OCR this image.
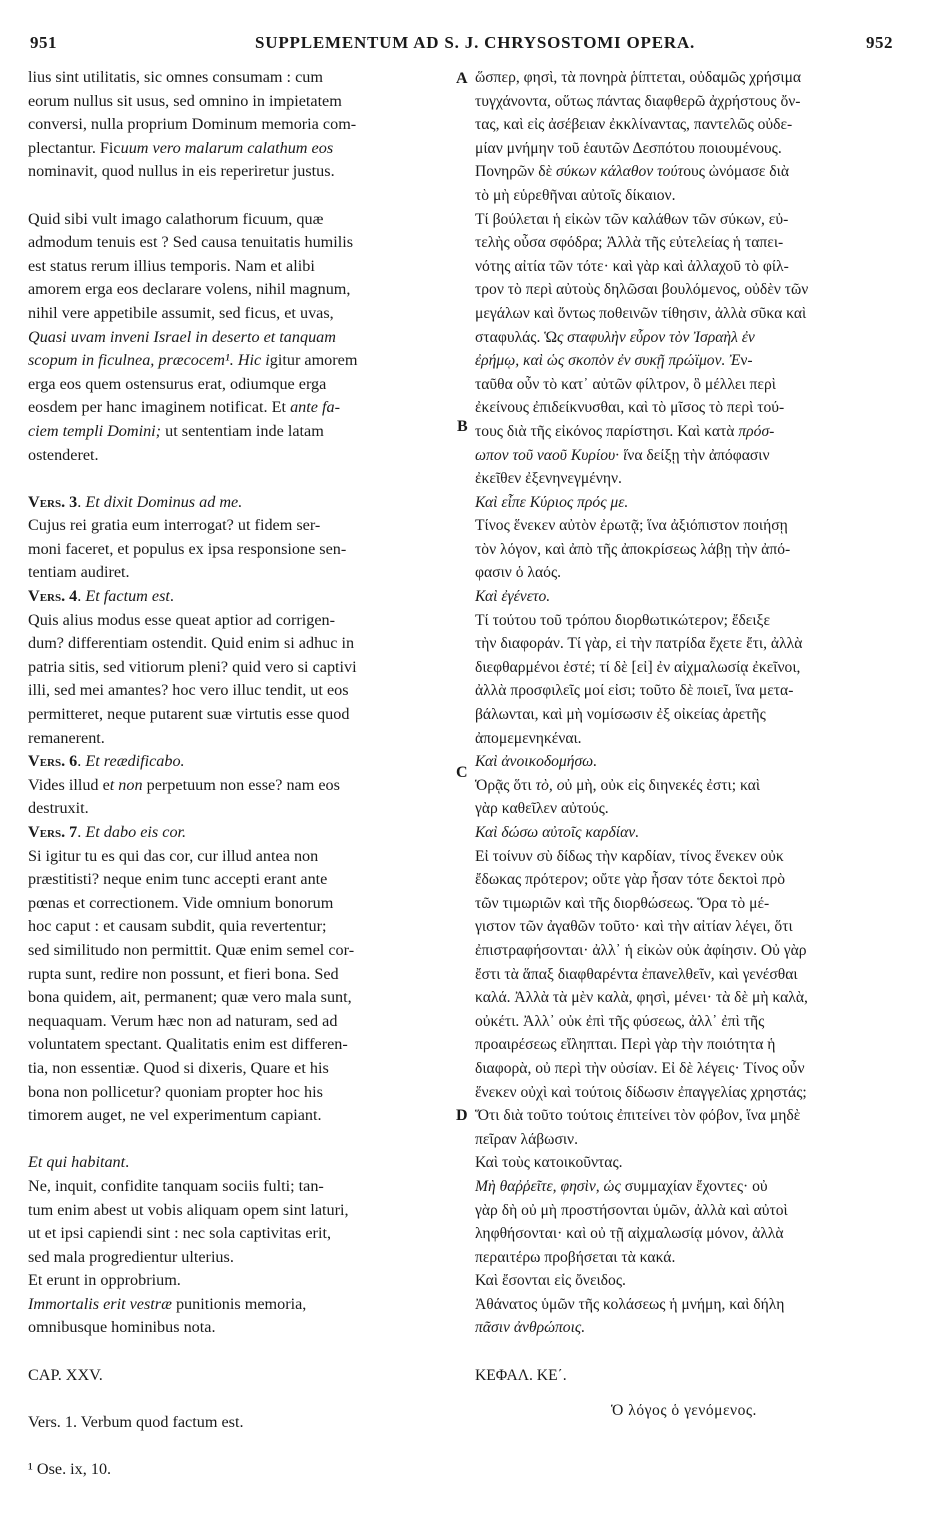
951	SUPPLEMENTUM AD S. J. CHRYSOSTOMI OPERA.	952
lius sint utilitatis, sic omnes consumam : cum
eorum nullus sit usus, sed omnino in impietatem
conversi, nulla proprium Dominum memoria com-
plectantur. Ficuum vero malarum calathum eos
nominavit, quod nullus in eis reperiretur justus.
Quid sibi vult imago calathorum ficuum, quæ
admodum tenuis est ? Sed causa tenuitatis humilis
est status rerum illius temporis. Nam et alibi
amorem erga eos declarare volens, nihil magnum,
nihil vere appetibile assumit, sed ficus, et uvas,
Quasi uvam inveni Israel in deserto et tanquam
scopum in ficulnea, præcocem¹. Hic igitur amorem
erga eos quem ostensurus erat, odiumque erga
eosdem per hanc imaginem notificat. Et ante fa-
ciem templi Domini; ut sententiam inde latam
ostenderet.
Vers. 3. Et dixit Dominus ad me.
Cujus rei gratia eum interrogat? ut fidem ser-
moni faceret, et populus ex ipsa responsione sen-
tentiam audiret.
Vers. 4. Et factum est.
Quis alius modus esse queat aptior ad corrigen-
dum? differentiam ostendit. Quid enim si adhuc in
patria sitis, sed vitiorum pleni? quid vero si captivi
illi, sed mei amantes? hoc vero illuc tendit, ut eos
permitteret, neque putarent suæ virtutis esse quod
remanerent.
Vers. 6. Et reædificabo.
Vides illud et non perpetuum non esse? nam eos
destruxit.
Vers. 7. Et dabo eis cor.
Si igitur tu es qui das cor, cur illud antea non
præstitisti? neque enim tunc accepti erant ante
pœnas et correctionem. Vide omnium bonorum
hoc caput : et causam subdit, quia revertentur;
sed similitudo non permittit. Quæ enim semel cor-
rupta sunt, redire non possunt, et fieri bona. Sed
bona quidem, ait, permanent; quæ vero mala sunt,
nequaquam. Verum hæc non ad naturam, sed ad
voluntatem spectant. Qualitatis enim est differen-
tia, non essentiæ. Quod si dixeris, Quare et his
bona non pollicetur? quoniam propter hoc his
timorem auget, ne vel experimentum capiant.
Et qui habitant.
Ne, inquit, confidite tanquam sociis fulti; tan-
tum enim abest ut vobis aliquam opem sint laturi,
ut et ipsi capiendi sint : nec sola captivitas erit,
sed mala progredientur ulterius.
Et erunt in opprobrium.
Immortalis erit vestræ punitionis memoria,
omnibusque hominibus nota.
CAP. XXV.
Vers. 1. Verbum quod factum est.
¹ Ose. ix, 10.
ὥσπερ, φησὶ, τὰ πονηρὰ ῥίπτεται, οὐδαμῶς χρήσιμα
τυγχάνοντα, οὕτως πάντας διαφθερῶ ἀχρήστους ὄν-
τας, καὶ εἰς ἀσέβειαν ἐκκλίναντας, παντελῶς οὐδε-
μίαν μνήμην τοῦ ἑαυτῶν Δεσπότου ποιουμένους.
Πονηρῶν δὲ σύκων κάλαθον τούτους ὠνόμασε διὰ
τὸ μὴ εὑρεθῆναι αὐτοῖς δίκαιον.
Τί βούλεται ἡ εἰκὼν τῶν καλάθων τῶν σύκων, εὐ-
τελὴς οὖσα σφόδρα; Ἀλλὰ τῆς εὐτελείας ἡ ταπει-
νότης αἰτία τῶν τότε· καὶ γὰρ καὶ ἀλλαχοῦ τὸ φίλ-
τρον τὸ περὶ αὐτοὺς δηλῶσαι βουλόμενος, οὐδὲν τῶν
μεγάλων καὶ ὄντως ποθεινῶν τίθησιν, ἀλλὰ σῦκα καὶ
σταφυλάς. Ὡς σταφυλὴν εὗρον τὸν Ἰσραὴλ ἐν
ἐρήμῳ, καὶ ὡς σκοπὸν ἐν συκῇ πρώϊμον. Ἐν-
ταῦθα οὖν τὸ κατ᾽ αὐτῶν φίλτρον, ὃ μέλλει περὶ
ἐκείνους ἐπιδείκνυσθαι, καὶ τὸ μῖσος τὸ περὶ τού-
τους διὰ τῆς εἰκόνος παρίστησι. Καὶ κατὰ πρόσ-
ωπον τοῦ ναοῦ Κυρίου· ἵνα δείξῃ τὴν ἀπόφασιν
ἐκεῖθεν ἐξενηνεγμένην.
Καὶ εἶπε Κύριος πρός με.
Τίνος ἕνεκεν αὐτὸν ἐρωτᾷ; ἵνα ἀξιόπιστον ποιήσῃ
τὸν λόγον, καὶ ἀπὸ τῆς ἀποκρίσεως λάβῃ τὴν ἀπό-
φασιν ὁ λαός.
Καὶ ἐγένετο.
Τί τούτου τοῦ τρόπου διορθωτικώτερον; ἔδειξε
τὴν διαφοράν. Τί γὰρ, εἰ τὴν πατρίδα ἔχετε ἔτι, ἀλλὰ
διεφθαρμένοι ἐστέ; τί δὲ [εἰ] ἐν αἰχμαλωσίᾳ ἐκεῖνοι,
ἀλλὰ προσφιλεῖς μοί εἰσι; τοῦτο δὲ ποιεῖ, ἵνα μετα-
βάλωνται, καὶ μὴ νομίσωσιν ἐξ οἰκείας ἀρετῆς
ἀπομεμενηκέναι.
Καὶ ἀνοικοδομήσω.
Ὁρᾷς ὅτι τὸ, οὐ μὴ, οὐκ εἰς διηνεκές ἐστι; καὶ
γὰρ καθεῖλεν αὐτούς.
Καὶ δώσω αὐτοῖς καρδίαν.
Εἰ τοίνυν σὺ δίδως τὴν καρδίαν, τίνος ἕνεκεν οὐκ
ἔδωκας πρότερον; οὔτε γὰρ ἦσαν τότε δεκτοὶ πρὸ
τῶν τιμωριῶν καὶ τῆς διορθώσεως. Ὅρα τὸ μέ-
γιστον τῶν ἀγαθῶν τοῦτο· καὶ τὴν αἰτίαν λέγει, ὅτι
ἐπιστραφήσονται· ἀλλ᾽ ἡ εἰκὼν οὐκ ἀφίησιν. Οὐ γὰρ
ἔστι τὰ ἅπαξ διαφθαρέντα ἐπανελθεῖν, καὶ γενέσθαι
καλά. Ἀλλὰ τὰ μὲν καλὰ, φησὶ, μένει· τὰ δὲ μὴ καλὰ,
οὐκέτι. Ἀλλ᾽ οὐκ ἐπὶ τῆς φύσεως, ἀλλ᾽ ἐπὶ τῆς
προαιρέσεως εἴληπται. Περὶ γὰρ τὴν ποιότητα ἡ
διαφορὰ, οὐ περὶ τὴν οὐσίαν. Εἰ δὲ λέγεις· Τίνος οὖν
ἕνεκεν οὐχὶ καὶ τούτοις δίδωσιν ἐπαγγελίας χρηστάς;
Ὅτι διὰ τοῦτο τούτοις ἐπιτείνει τὸν φόβον, ἵνα μηδὲ
πεῖραν λάβωσιν.
Καὶ τοὺς κατοικοῦντας.
Μὴ θαῤῥεῖτε, φησὶν, ὡς συμμαχίαν ἔχοντες· οὐ
γὰρ δὴ οὐ μὴ προστήσονται ὑμῶν, ἀλλὰ καὶ αὐτοὶ
ληφθήσονται· καὶ οὐ τῇ αἰχμαλωσίᾳ μόνον, ἀλλὰ
περαιτέρω προβήσεται τὰ κακά.
Καὶ ἔσονται εἰς ὄνειδος.
Ἀθάνατος ὑμῶν τῆς κολάσεως ἡ μνήμη, καὶ δήλη
πᾶσιν ἀνθρώποις.
ΚΕΦΑΛ. ΚΕ΄.
Ὁ λόγος ὁ γενόμενος.
A
B
C
D
